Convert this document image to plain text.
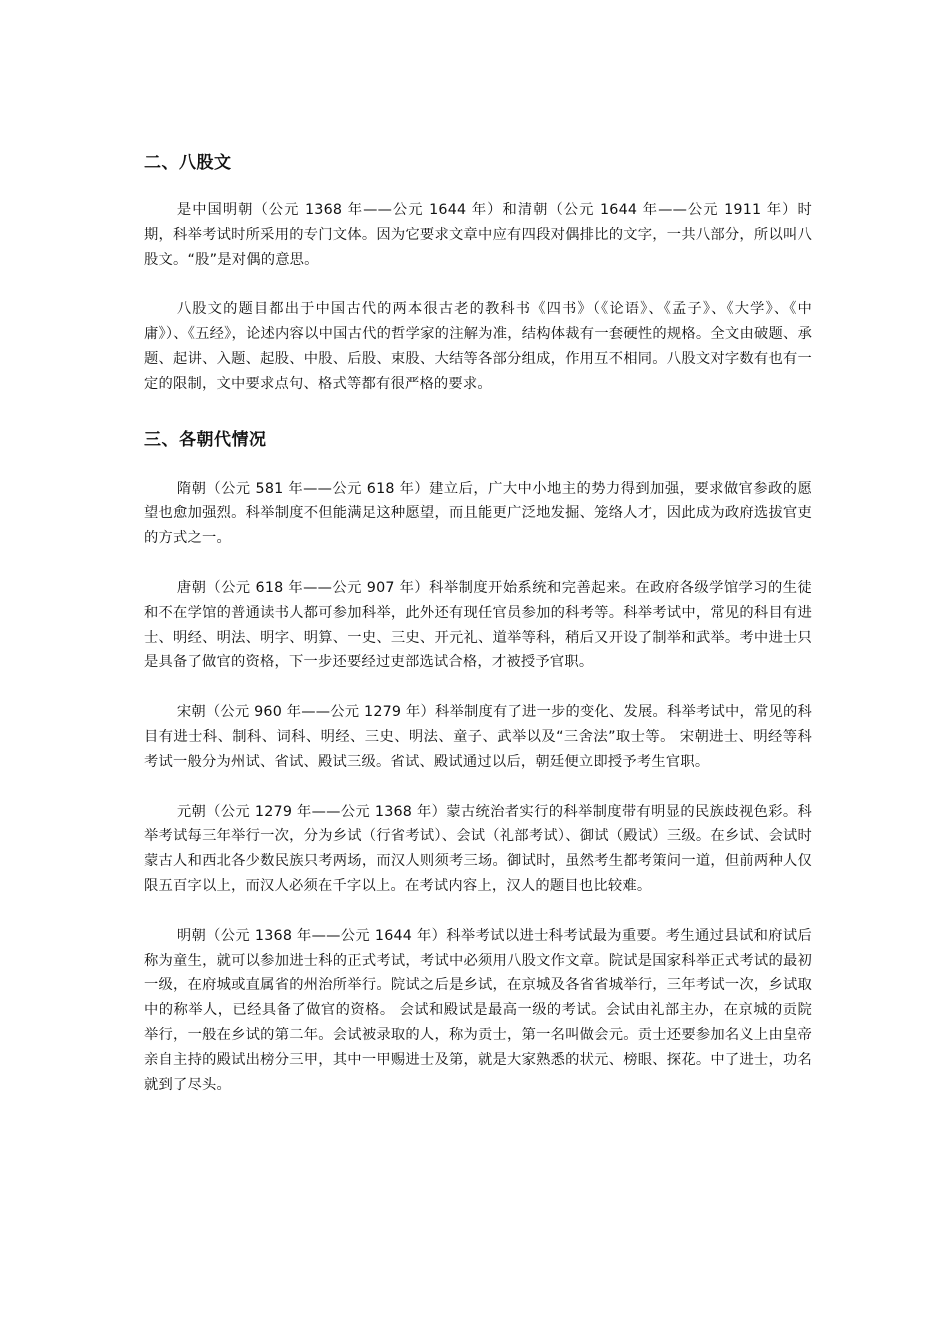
二、八股文

是中国明朝（公元 1368 年——公元 1644 年）和清朝（公元 1644 年——公元 1911 年）时期，科举考试时所采用的专门文体。因为它要求文章中应有四段对偶排比的文字，一共八部分，所以叫八股文。“股”是对偶的意思。

八股文的题目都出于中国古代的两本很古老的教科书《四书》（《论语》、《孟子》、《大学》、《中庸》）、《五经》，论述内容以中国古代的哲学家的注解为准，结构体裁有一套硬性的规格。全文由破题、承题、起讲、入题、起股、中股、后股、束股、大结等各部分组成，作用互不相同。八股文对字数有也有一定的限制，文中要求点句、格式等都有很严格的要求。

三、各朝代情况

隋朝（公元 581 年——公元 618 年）建立后，广大中小地主的势力得到加强，要求做官参政的愿望也愈加强烈。科举制度不但能满足这种愿望，而且能更广泛地发掘、笼络人才，因此成为政府选拔官吏的方式之一。

唐朝（公元 618 年——公元 907 年）科举制度开始系统和完善起来。在政府各级学馆学习的生徒和不在学馆的普通读书人都可参加科举，此外还有现任官员参加的科考等。科举考试中，常见的科目有进士、明经、明法、明字、明算、一史、三史、开元礼、道举等科，稍后又开设了制举和武举。考中进士只是具备了做官的资格，下一步还要经过吏部选试合格，才被授予官职。

宋朝（公元 960 年——公元 1279 年）科举制度有了进一步的变化、发展。科举考试中，常见的科目有进士科、制科、词科、明经、三史、明法、童子、武举以及“三舍法”取士等。 宋朝进士、明经等科考试一般分为州试、省试、殿试三级。省试、殿试通过以后，朝廷便立即授予考生官职。

元朝（公元 1279 年——公元 1368 年）蒙古统治者实行的科举制度带有明显的民族歧视色彩。科举考试每三年举行一次，分为乡试（行省考试）、会试（礼部考试）、御试（殿试）三级。在乡试、会试时蒙古人和西北各少数民族只考两场，而汉人则须考三场。御试时，虽然考生都考策问一道，但前两种人仅限五百字以上，而汉人必须在千字以上。在考试内容上，汉人的题目也比较难。

明朝（公元 1368 年——公元 1644 年）科举考试以进士科考试最为重要。考生通过县试和府试后称为童生，就可以参加进士科的正式考试，考试中必须用八股文作文章。院试是国家科举正式考试的最初一级，在府城或直属省的州治所举行。院试之后是乡试，在京城及各省省城举行，三年考试一次，乡试取中的称举人，已经具备了做官的资格。 会试和殿试是最高一级的考试。会试由礼部主办，在京城的贡院举行，一般在乡试的第二年。会试被录取的人，称为贡士，第一名叫做会元。贡士还要参加名义上由皇帝亲自主持的殿试出榜分三甲，其中一甲赐进士及第，就是大家熟悉的状元、榜眼、探花。中了进士，功名就到了尽头。
